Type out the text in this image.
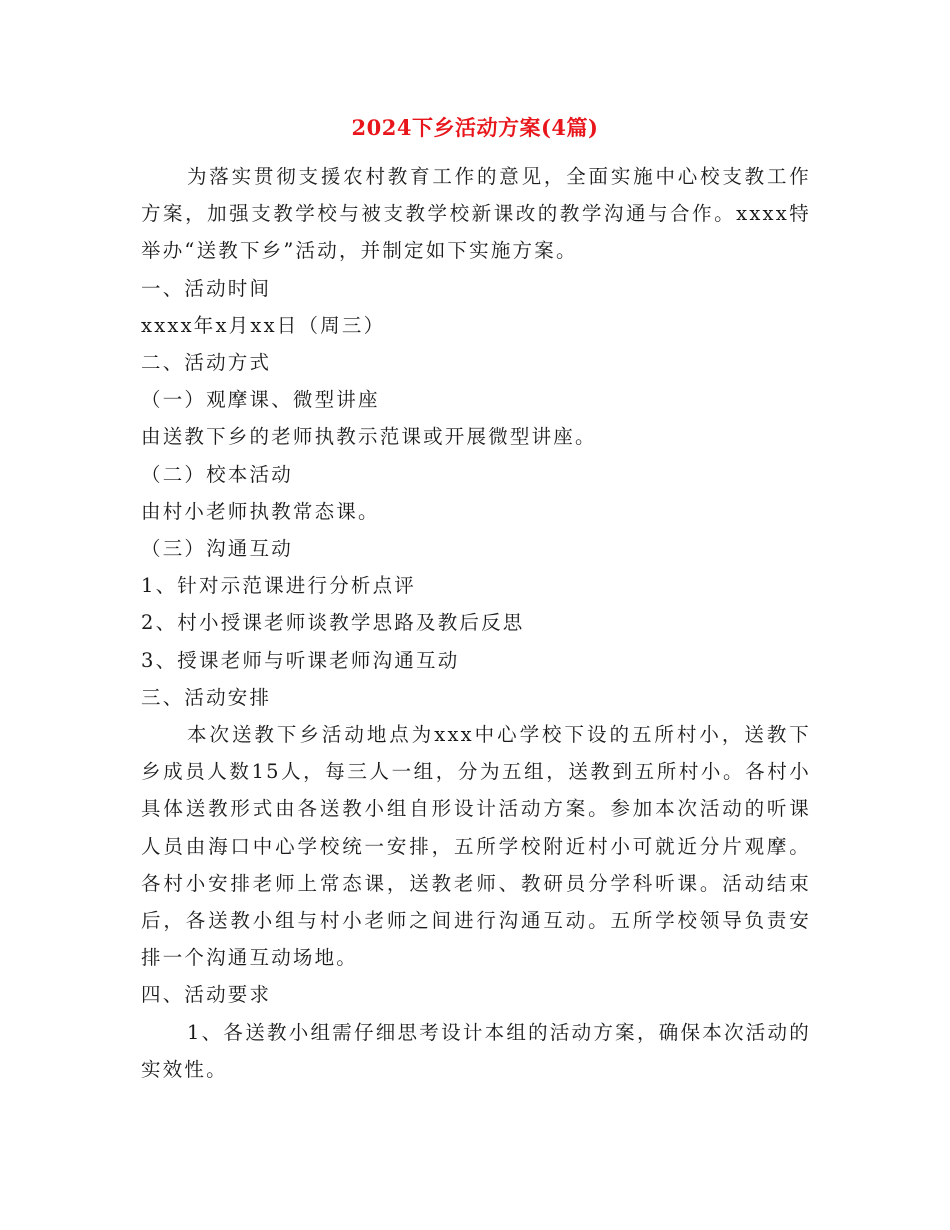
2024下乡活动方案(4篇)

为落实贯彻支援农村教育工作的意见，全面实施中心校支教工作方案，加强支教学校与被支教学校新课改的教学沟通与合作。xxxx特举办“送教下乡”活动，并制定如下实施方案。

一、活动时间

xxxx年x月xx日（周三）

二、活动方式

（一）观摩课、微型讲座

由送教下乡的老师执教示范课或开展微型讲座。

（二）校本活动

由村小老师执教常态课。

（三）沟通互动

1、针对示范课进行分析点评

2、村小授课老师谈教学思路及教后反思

3、授课老师与听课老师沟通互动

三、活动安排

本次送教下乡活动地点为xxx中心学校下设的五所村小，送教下乡成员人数15人，每三人一组，分为五组，送教到五所村小。各村小具体送教形式由各送教小组自形设计活动方案。参加本次活动的听课人员由海口中心学校统一安排，五所学校附近村小可就近分片观摩。各村小安排老师上常态课，送教老师、教研员分学科听课。活动结束后，各送教小组与村小老师之间进行沟通互动。五所学校领导负责安排一个沟通互动场地。

四、活动要求

1、各送教小组需仔细思考设计本组的活动方案，确保本次活动的实效性。
